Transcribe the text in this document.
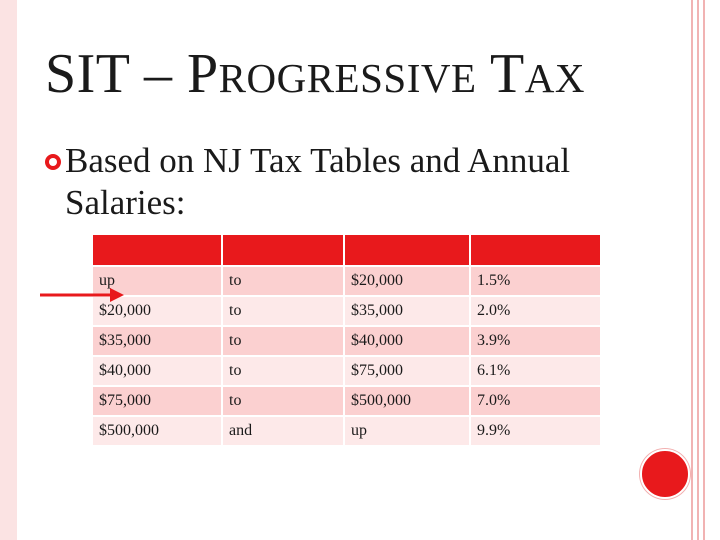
SIT – PROGRESSIVE TAX
Based on NJ Tax Tables and Annual Salaries:

up	to	$20,000	1.5%
$20,000	to	$35,000	2.0%
$35,000	to	$40,000	3.9%
$40,000	to	$75,000	6.1%
$75,000	to	$500,000	7.0%
$500,000	and	up	9.9%
